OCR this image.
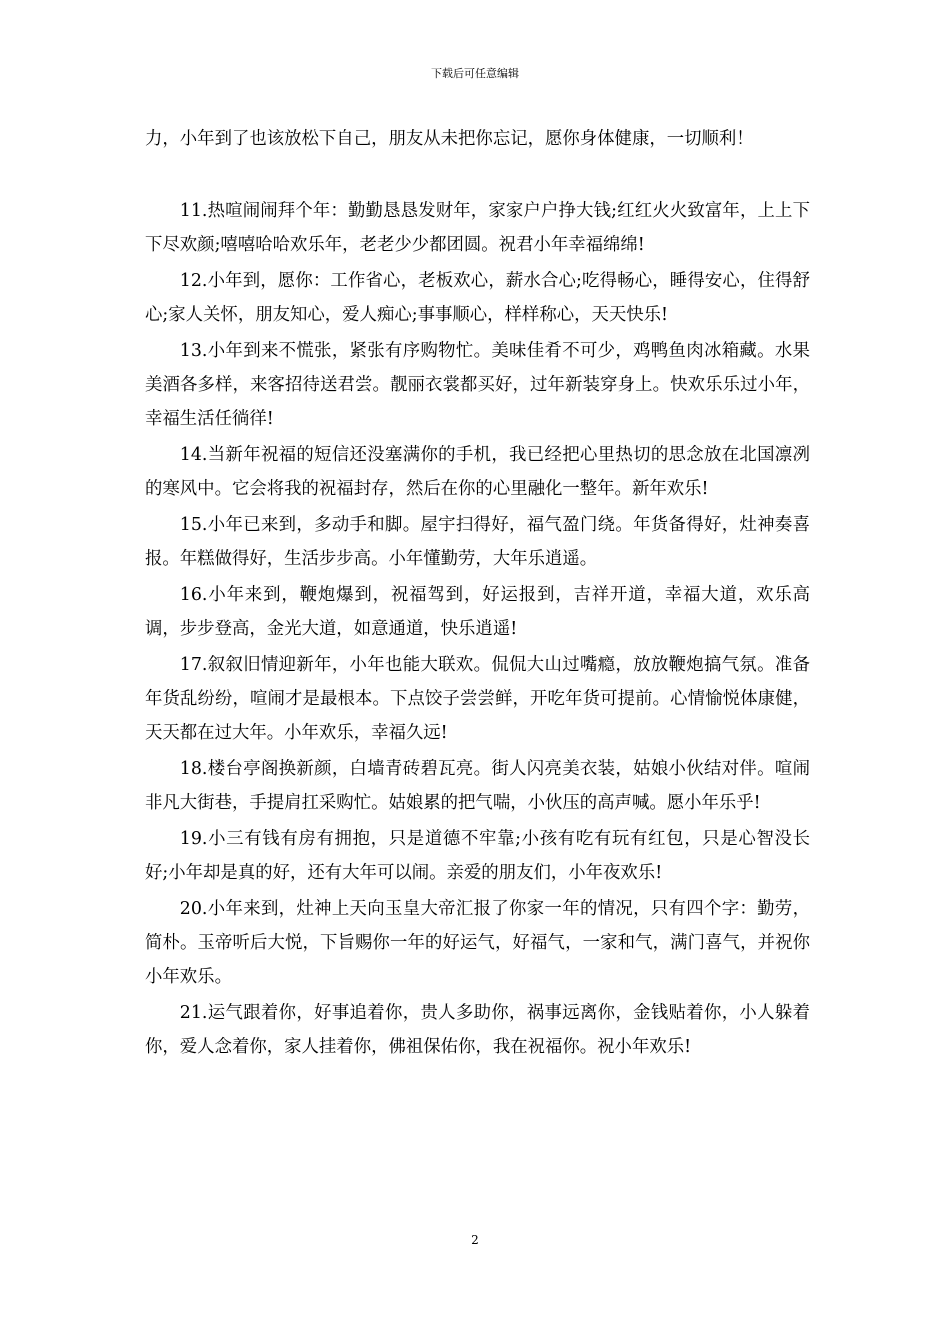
下载后可任意编辑

力，小年到了也该放松下自己，朋友从未把你忘记，愿你身体健康，一切顺利！

11.热喧闹闹拜个年：勤勤恳恳发财年，家家户户挣大钱;红红火火致富年，上上下下尽欢颜;嘻嘻哈哈欢乐年，老老少少都团圆。祝君小年幸福绵绵!

12.小年到，愿你：工作省心，老板欢心，薪水合心;吃得畅心，睡得安心，住得舒心;家人关怀，朋友知心，爱人痴心;事事顺心，样样称心，天天快乐!

13.小年到来不慌张，紧张有序购物忙。美味佳肴不可少，鸡鸭鱼肉冰箱藏。水果美酒各多样，来客招待送君尝。靓丽衣裳都买好，过年新装穿身上。快欢乐乐过小年，幸福生活任徜徉!

14.当新年祝福的短信还没塞满你的手机，我已经把心里热切的思念放在北国凛冽的寒风中。它会将我的祝福封存，然后在你的心里融化一整年。新年欢乐!

15.小年已来到，多动手和脚。屋宇扫得好，福气盈门绕。年货备得好，灶神奏喜报。年糕做得好，生活步步高。小年懂勤劳，大年乐逍遥。

16.小年来到，鞭炮爆到，祝福驾到，好运报到，吉祥开道，幸福大道，欢乐高调，步步登高，金光大道，如意通道，快乐逍遥!

17.叙叙旧情迎新年，小年也能大联欢。侃侃大山过嘴瘾，放放鞭炮搞气氛。准备年货乱纷纷，喧闹才是最根本。下点饺子尝尝鲜，开吃年货可提前。心情愉悦体康健，天天都在过大年。小年欢乐，幸福久远!

18.楼台亭阁换新颜，白墙青砖碧瓦亮。街人闪亮美衣装，姑娘小伙结对伴。喧闹非凡大街巷，手提肩扛采购忙。姑娘累的把气喘，小伙压的高声喊。愿小年乐乎!

19.小三有钱有房有拥抱，只是道德不牢靠;小孩有吃有玩有红包，只是心智没长好;小年却是真的好，还有大年可以闹。亲爱的朋友们，小年夜欢乐!

20.小年来到，灶神上天向玉皇大帝汇报了你家一年的情况，只有四个字：勤劳，简朴。玉帝听后大悦，下旨赐你一年的好运气，好福气，一家和气，满门喜气，并祝你小年欢乐。

21.运气跟着你，好事追着你，贵人多助你，祸事远离你，金钱贴着你，小人躲着你，爱人念着你，家人挂着你，佛祖保佑你，我在祝福你。祝小年欢乐!

2
